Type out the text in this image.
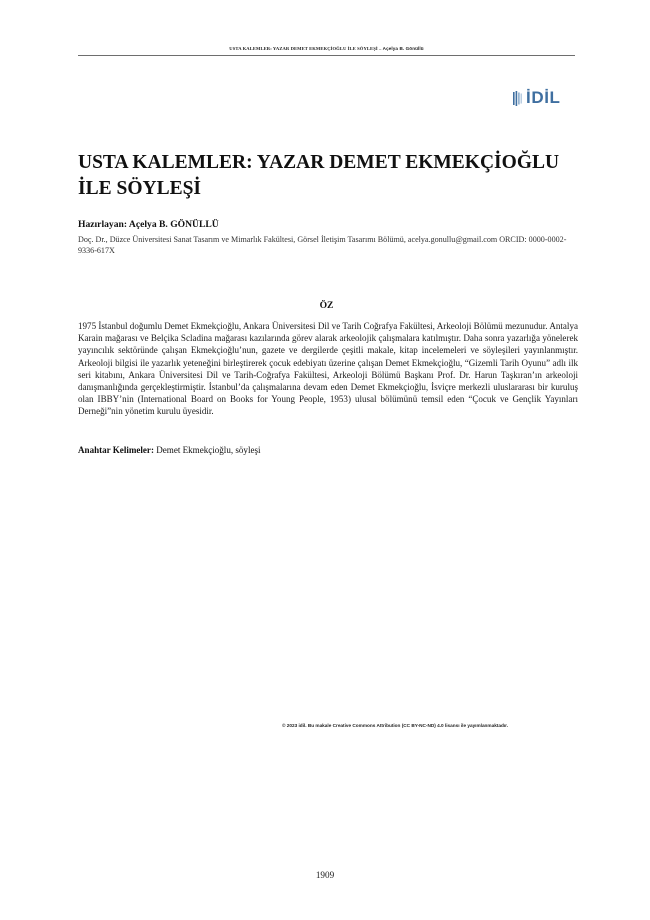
USTA KALEMLER: YAZAR DEMET EKMEKÇİOĞLU İLE SÖYLEŞİ – Açelya B. Gönüllü
İDİL
USTA KALEMLER: YAZAR DEMET EKMEKÇİOĞLU İLE SÖYLEŞİ
Hazırlayan: Açelya B. GÖNÜLLÜ
Doç. Dr., Düzce Üniversitesi Sanat Tasarım ve Mimarlık Fakültesi, Görsel İletişim Tasarımı Bölümü, acelya.gonullu@gmail.com ORCID: 0000-0002-9336-617X
ÖZ
1975 İstanbul doğumlu Demet Ekmekçioğlu, Ankara Üniversitesi Dil ve Tarih Coğrafya Fakültesi, Arkeoloji Bölümü mezunudur. Antalya Karain mağarası ve Belçika Scladina mağarası kazılarında görev alarak arkeolojik çalışmalara katılmıştır. Daha sonra yazarlığa yönelerek yayıncılık sektöründe çalışan Ekmekçioğlu’nun, gazete ve dergilerde çeşitli makale, kitap incelemeleri ve söyleşileri yayınlanmıştır. Arkeoloji bilgisi ile yazarlık yeteneğini birleştirerek çocuk edebiyatı üzerine çalışan Demet Ekmekçioğlu, “Gizemli Tarih Oyunu” adlı ilk seri kitabını, Ankara Üniversitesi Dil ve Tarih-Coğrafya Fakültesi, Arkeoloji Bölümü Başkanı Prof. Dr. Harun Taşkıran’ın arkeoloji danışmanlığında gerçekleştirmiştir. İstanbul’da çalışmalarına devam eden Demet Ekmekçioğlu, İsviçre merkezli uluslararası bir kuruluş olan IBBY’nin (International Board on Books for Young People, 1953) ulusal bölümünü temsil eden “Çocuk ve Gençlik Yayınları Derneği”nin yönetim kurulu üyesidir.
Anahtar Kelimeler: Demet Ekmekçioğlu, söyleşi
© 2023 idil. Bu makale Creative Commons Attribution (CC BY-NC-ND) 4.0 lisansı ile yayımlanmaktadır.
1909
